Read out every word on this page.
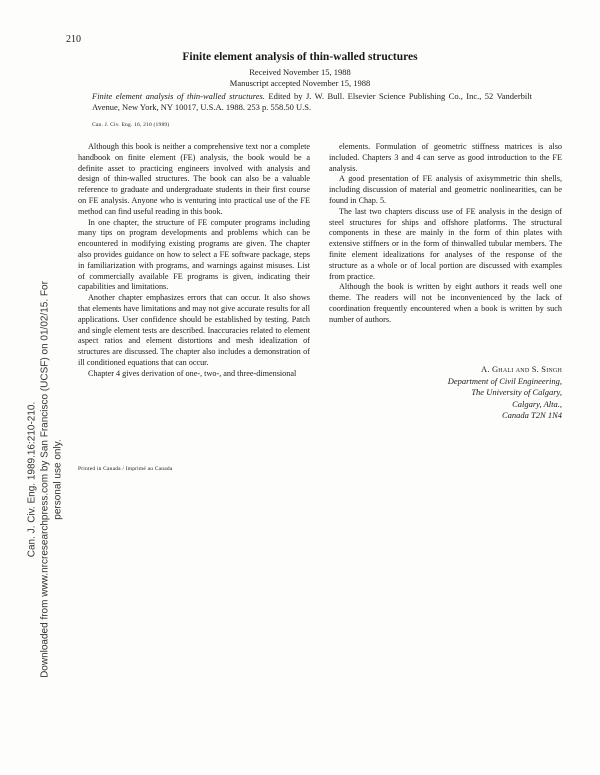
210
Finite element analysis of thin-walled structures
Received November 15, 1988
Manuscript accepted November 15, 1988
Finite element analysis of thin-walled structures. Edited by J. W. Bull. Elsevier Science Publishing Co., Inc., 52 Vanderbilt Avenue, New York, NY 10017, U.S.A. 1988. 253 p. 558.50 U.S.
Can. J. Civ. Eng. 16, 210 (1989)

Although this book is neither a comprehensive text nor a complete handbook on finite element (FE) analysis, the book would be a definite asset to practicing engineers involved with analysis and design of thin-walled structures. The book can also be a valuable reference to graduate and undergraduate students in their first course on FE analysis. Anyone who is venturing into practical use of the FE method can find useful reading in this book.

In one chapter, the structure of FE computer programs including many tips on program developments and problems which can be encountered in modifying existing programs are given. The chapter also provides guidance on how to select a FE software package, steps in familiarization with programs, and warnings against misuses. List of commercially available FE programs is given, indicating their capabilities and limitations.

Another chapter emphasizes errors that can occur. It also shows that elements have limitations and may not give accurate results for all applications. User confidence should be established by testing. Patch and single element tests are described. Inaccuracies related to element aspect ratios and element distortions and mesh idealization of structures are discussed. The chapter also includes a demonstration of ill conditioned equations that can occur.

Chapter 4 gives derivation of one-, two-, and three-dimensional

elements. Formulation of geometric stiffness matrices is also included. Chapters 3 and 4 can serve as good introduction to the FE analysis.

A good presentation of FE analysis of axisymmetric thin shells, including discussion of material and geometric nonlinearities, can be found in Chap. 5.

The last two chapters discuss use of FE analysis in the design of steel structures for ships and offshore platforms. The structural components in these are mainly in the form of thin plates with extensive stiffners or in the form of thinwalled tubular members. The finite element idealizations for analyses of the response of the structure as a whole or of local portion are discussed with examples from practice.

Although the book is written by eight authors it reads well one theme. The readers will not be inconvenienced by the lack of coordination frequently encountered when a book is written by such number of authors.

A. Ghali and S. Singh
Department of Civil Engineering,
The University of Calgary,
Calgary, Alta.,
Canada T2N 1N4
Printed in Canada / Imprimé au Canada
Can. J. Civ. Eng. 1989.16:210-210. Downloaded from www.nrcresearchpress.com by San Francisco (UCSF) on 01/02/15. For personal use only.
